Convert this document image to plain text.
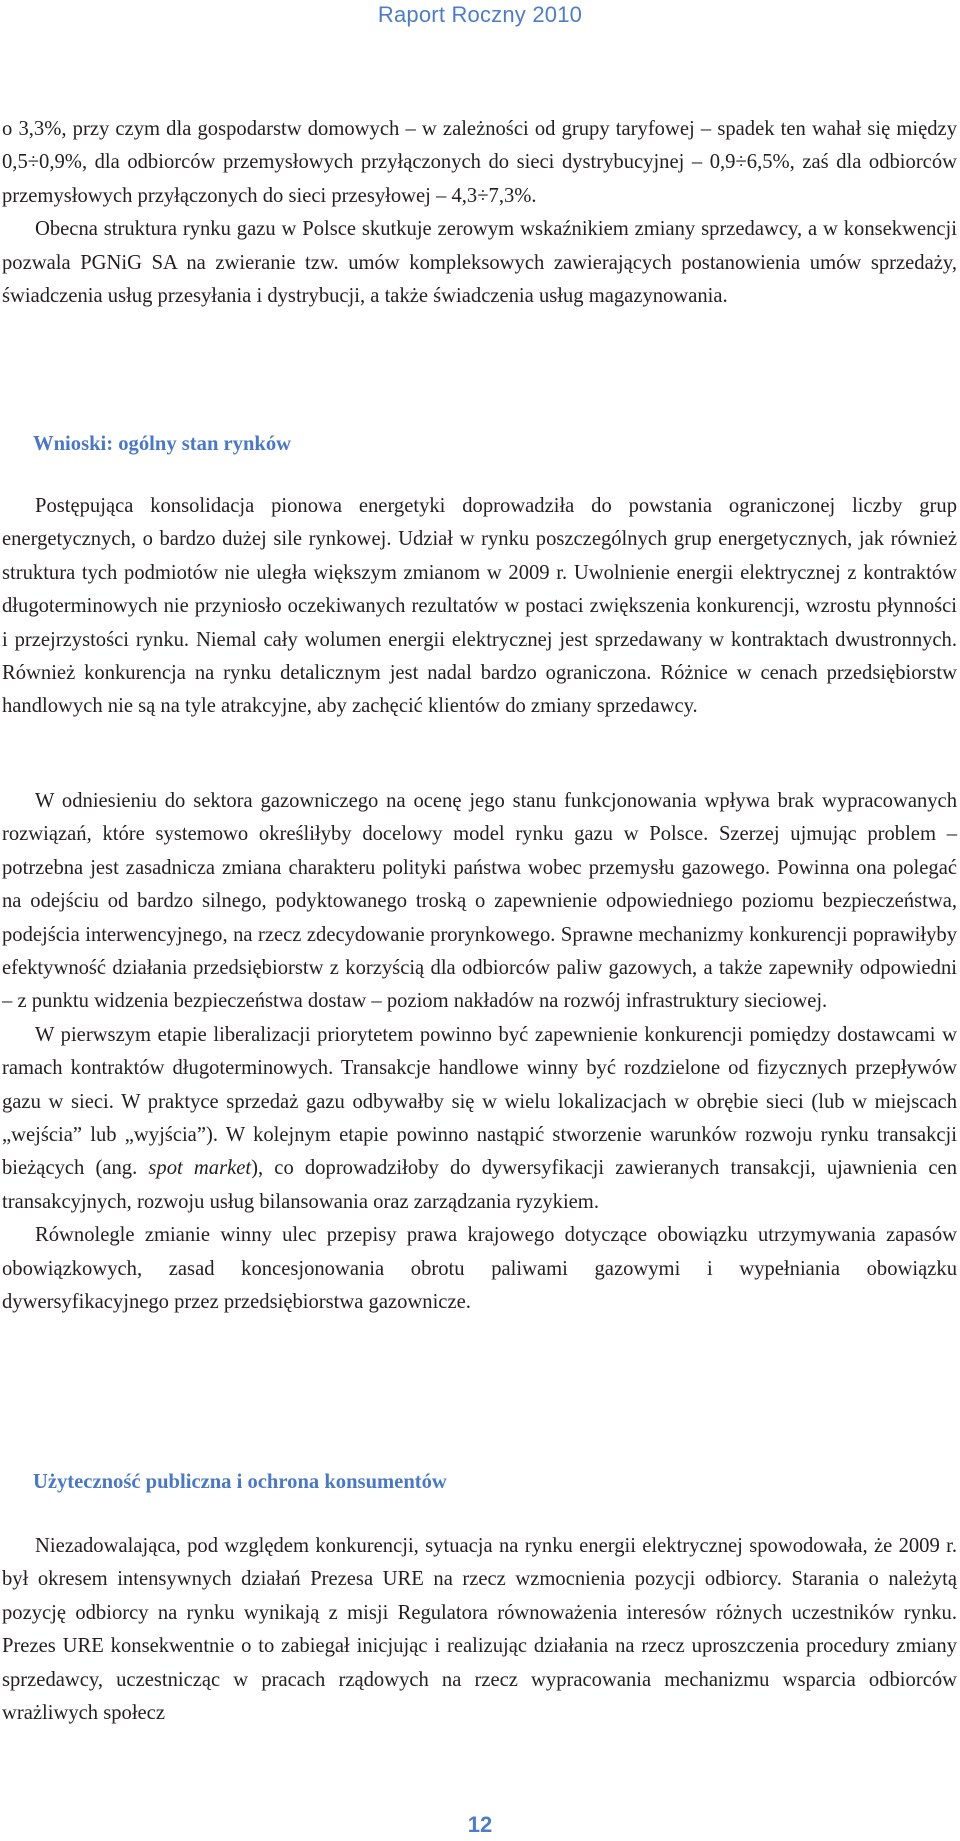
Raport Roczny 2010

o 3,3%, przy czym dla gospodarstw domowych – w zależności od grupy taryfowej – spadek ten wahał się między 0,5÷0,9%, dla odbiorców przemysłowych przyłączonych do sieci dystrybucyjnej – 0,9÷6,5%, zaś dla odbiorców przemysłowych przyłączonych do sieci przesyłowej – 4,3÷7,3%.

Obecna struktura rynku gazu w Polsce skutkuje zerowym wskaźnikiem zmiany sprzedawcy, a w konsekwencji pozwala PGNiG SA na zwieranie tzw. umów kompleksowych zawierających postanowienia umów sprzedaży, świadczenia usług przesyłania i dystrybucji, a także świadczenia usług magazynowania.

Wnioski: ogólny stan rynków

Postępująca konsolidacja pionowa energetyki doprowadziła do powstania ograniczonej liczby grup energetycznych, o bardzo dużej sile rynkowej. Udział w rynku poszczególnych grup energetycznych, jak również struktura tych podmiotów nie uległa większym zmianom w 2009 r. Uwolnienie energii elektrycznej z kontraktów długoterminowych nie przyniosło oczekiwanych rezultatów w postaci zwiększenia konkurencji, wzrostu płynności i przejrzystości rynku. Niemal cały wolumen energii elektrycznej jest sprzedawany w kontraktach dwustronnych. Również konkurencja na rynku detalicznym jest nadal bardzo ograniczona. Różnice w cenach przedsiębiorstw handlowych nie są na tyle atrakcyjne, aby zachęcić klientów do zmiany sprzedawcy.

W odniesieniu do sektora gazowniczego na ocenę jego stanu funkcjonowania wpływa brak wypracowanych rozwiązań, które systemowo określiłyby docelowy model rynku gazu w Polsce. Szerzej ujmując problem – potrzebna jest zasadnicza zmiana charakteru polityki państwa wobec przemysłu gazowego. Powinna ona polegać na odejściu od bardzo silnego, podyktowanego troską o zapewnienie odpowiedniego poziomu bezpieczeństwa, podejścia interwencyjnego, na rzecz zdecydowanie prorynkowego. Sprawne mechanizmy konkurencji poprawiłyby efektywność działania przedsiębiorstw z korzyścią dla odbiorców paliw gazowych, a także zapewniły odpowiedni – z punktu widzenia bezpieczeństwa dostaw – poziom nakładów na rozwój infrastruktury sieciowej.

W pierwszym etapie liberalizacji priorytetem powinno być zapewnienie konkurencji pomiędzy dostawcami w ramach kontraktów długoterminowych. Transakcje handlowe winny być rozdzielone od fizycznych przepływów gazu w sieci. W praktyce sprzedaż gazu odbywałby się w wielu lokalizacjach w obrębie sieci (lub w miejscach „wejścia” lub „wyjścia”). W kolejnym etapie powinno nastąpić stworzenie warunków rozwoju rynku transakcji bieżących (ang. spot market), co doprowadziłoby do dywersyfikacji zawieranych transakcji, ujawnienia cen transakcyjnych, rozwoju usług bilansowania oraz zarządzania ryzykiem.

Równolegle zmianie winny ulec przepisy prawa krajowego dotyczące obowiązku utrzymywania zapasów obowiązkowych, zasad koncesjonowania obrotu paliwami gazowymi i wypełniania obowiązku dywersyfikacyjnego przez przedsiębiorstwa gazownicze.

Użyteczność publiczna i ochrona konsumentów

Niezadowalająca, pod względem konkurencji, sytuacja na rynku energii elektrycznej spowodowała, że 2009 r. był okresem intensywnych działań Prezesa URE na rzecz wzmocnienia pozycji odbiorcy. Starania o należytą pozycję odbiorcy na rynku wynikają z misji Regulatora równoważenia interesów różnych uczestników rynku. Prezes URE konsekwentnie o to zabiegał inicjując i realizując działania na rzecz uproszczenia procedury zmiany sprzedawcy, uczestnicząc w pracach rządowych na rzecz wypracowania mechanizmu wsparcia odbiorców wrażliwych społecz

12
